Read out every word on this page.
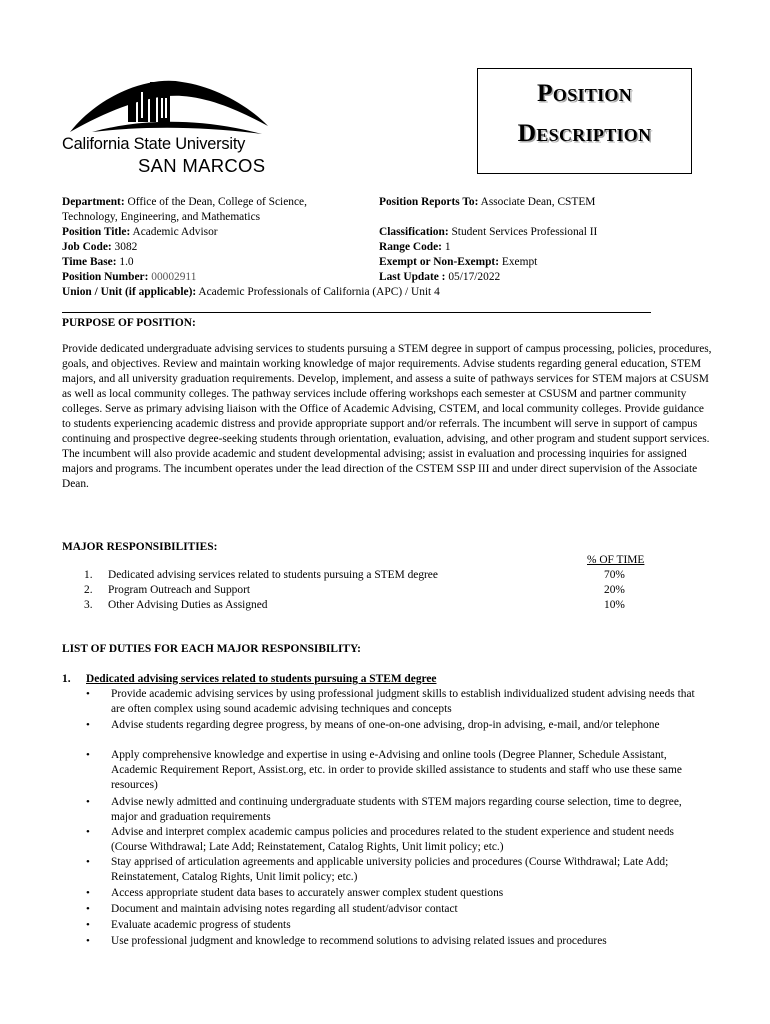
California State University
SAN MARCOS
Position
Description
Department: Office of the Dean, College of Science,
Technology, Engineering, and Mathematics
Position Title: Academic Advisor
Job Code: 3082
Time Base: 1.0
Position Number: 00002911
Union / Unit (if applicable): Academic Professionals of California (APC) / Unit 4
Position Reports To: Associate Dean, CSTEM
Classification: Student Services Professional II
Range Code: 1
Exempt or Non-Exempt: Exempt
Last Update : 05/17/2022
PURPOSE OF POSITION:
Provide dedicated undergraduate advising services to students pursuing a STEM degree in support of campus processing, policies, procedures, goals, and objectives. Review and maintain working knowledge of major requirements. Advise students regarding general education, STEM majors, and all university graduation requirements. Develop, implement, and assess a suite of pathways services for STEM majors at CSUSM as well as local community colleges. The pathway services include offering workshops each semester at CSUSM and partner community colleges. Serve as primary advising liaison with the Office of Academic Advising, CSTEM, and local community colleges. Provide guidance to students experiencing academic distress and provide appropriate support and/or referrals. The incumbent will serve in support of campus continuing and prospective degree-seeking students through orientation, evaluation, advising, and other program and student support services. The incumbent will also provide academic and student developmental advising; assist in evaluation and processing inquiries for assigned majors and programs. The incumbent operates under the lead direction of the CSTEM SSP III and under direct supervision of the Associate Dean.
MAJOR RESPONSIBILITIES:
% OF TIME
1. Dedicated advising services related to students pursuing a STEM degree	70%
2. Program Outreach and Support	20%
3. Other Advising Duties as Assigned	10%
LIST OF DUTIES FOR EACH MAJOR RESPONSIBILITY:
1. Dedicated advising services related to students pursuing a STEM degree
• Provide academic advising services by using professional judgment skills to establish individualized student advising needs that are often complex using sound academic advising techniques and concepts
• Advise students regarding degree progress, by means of one-on-one advising, drop-in advising, e-mail, and/or telephone
• Apply comprehensive knowledge and expertise in using e-Advising and online tools (Degree Planner, Schedule Assistant, Academic Requirement Report, Assist.org, etc. in order to provide skilled assistance to students and staff who use these same resources)
• Advise newly admitted and continuing undergraduate students with STEM majors regarding course selection, time to degree, major and graduation requirements
• Advise and interpret complex academic campus policies and procedures related to the student experience and student needs (Course Withdrawal; Late Add; Reinstatement, Catalog Rights, Unit limit policy; etc.)
• Stay apprised of articulation agreements and applicable university policies and procedures (Course Withdrawal; Late Add; Reinstatement, Catalog Rights, Unit limit policy; etc.)
• Access appropriate student data bases to accurately answer complex student questions
• Document and maintain advising notes regarding all student/advisor contact
• Evaluate academic progress of students
• Use professional judgment and knowledge to recommend solutions to advising related issues and procedures
